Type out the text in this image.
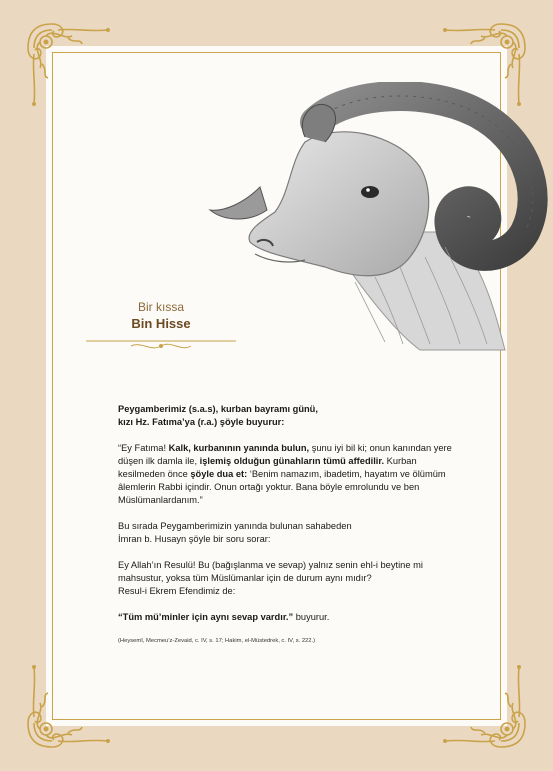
Bir kıssa
Bin Hisse

Peygamberimiz (s.a.s), kurban bayramı günü,
kızı Hz. Fatıma’ya (r.a.) şöyle buyurur:

“Ey Fatıma! Kalk, kurbanının yanında bulun, şunu iyi bil ki; onun kanından yere düşen ilk damla ile, işlemiş olduğun günahların tümü affedilir. Kurban kesilmeden önce şöyle dua et: ‘Benim namazım, ibadetim, hayatım ve ölümüm âlemlerin Rabbi içindir. Onun ortağı yoktur. Bana böyle emrolundu ve ben Müslümanlardanım.”

Bu sırada Peygamberimizin yanında bulunan sahabeden
İmran b. Husayn şöyle bir soru sorar:

Ey Allah’ın Resulü! Bu (bağışlanma ve sevap) yalnız senin ehl-i beytine mi
mahsustur, yoksa tüm Müslümanlar için de durum aynı mıdır?
Resul-i Ekrem Efendimiz de:

“Tüm mü’minler için aynı sevap vardır.” buyurur.

(Heysemî, Mecmeu’z-Zevaid, c. IV, s. 17; Hakim, el-Müstedrek, c. IV, s. 222.)
